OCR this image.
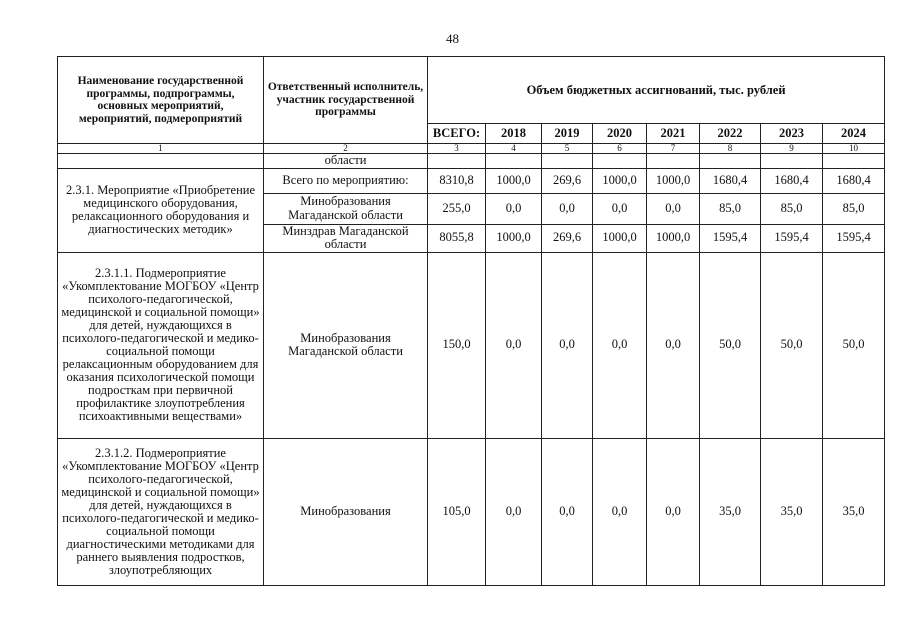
48
Наименование государственной программы, подпрограммы, основных мероприятий, мероприятий, подмероприятий	Ответственный исполнитель, участник государственной программы	Объем бюджетных ассигнований, тыс. рублей							
		ВСЕГО:	2018	2019	2020	2021	2022	2023	2024
1	2	3	4	5	6	7	8	9	10
	области								
2.3.1. Мероприятие «Приобретение медицинского оборудования, релаксационного оборудования и диагностических методик»	Всего по мероприятию:	8310,8	1000,0	269,6	1000,0	1000,0	1680,4	1680,4	1680,4
	Минобразования Магаданской области	255,0	0,0	0,0	0,0	0,0	85,0	85,0	85,0
	Минздрав Магаданской области	8055,8	1000,0	269,6	1000,0	1000,0	1595,4	1595,4	1595,4
2.3.1.1. Подмероприятие «Укомплектование МОГБОУ «Центр психолого-педагогической, медицинской и социальной помощи» для детей, нуждающихся в психолого-педагогической и медико-социальной помощи релаксационным оборудованием для оказания психологической помощи подросткам при первичной профилактике злоупотребления психоактивными веществами»	Минобразования Магаданской области	150,0	0,0	0,0	0,0	0,0	50,0	50,0	50,0
2.3.1.2. Подмероприятие «Укомплектование МОГБОУ «Центр психолого-педагогической, медицинской и социальной помощи» для детей, нуждающихся в психолого-педагогической и медико-социальной помощи диагностическими методиками для раннего выявления подростков, злоупотребляющих	Минобразования	105,0	0,0	0,0	0,0	0,0	35,0	35,0	35,0
